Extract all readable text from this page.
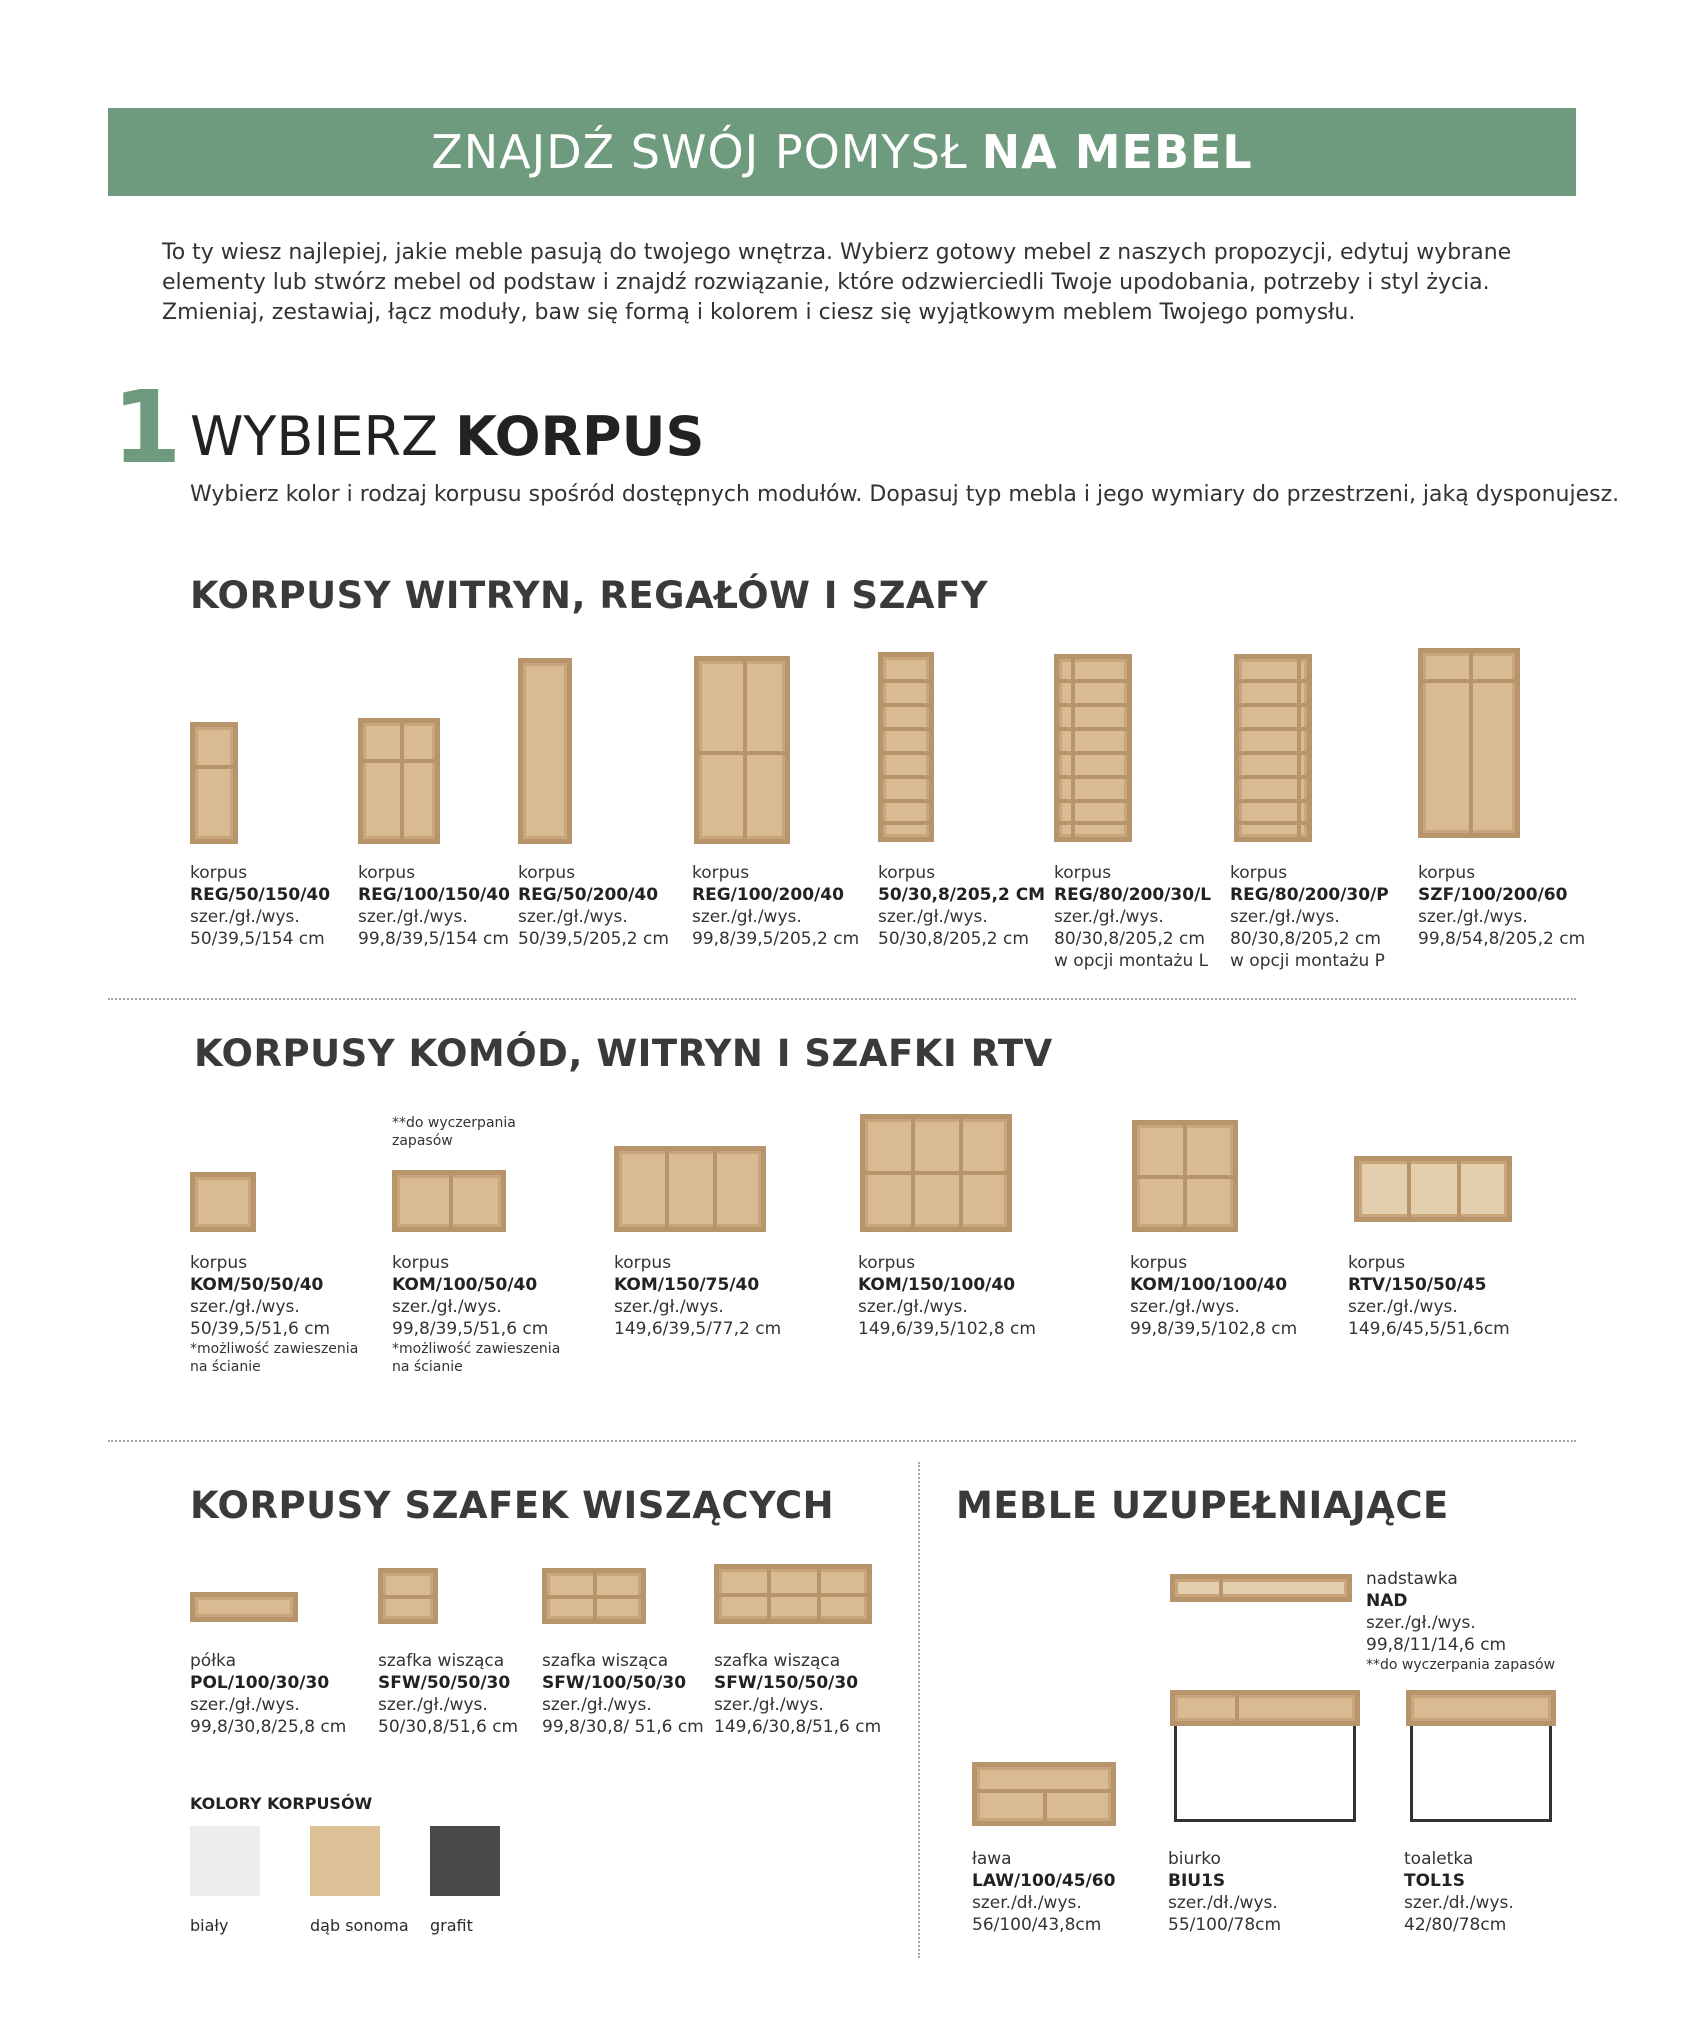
ZNAJDŹ SWÓJ POMYSŁ NA MEBEL
To ty wiesz najlepiej, jakie meble pasują do twojego wnętrza. Wybierz gotowy mebel z naszych propozycji, edytuj wybrane elementy lub stwórz mebel od podstaw i znajdź rozwiązanie, które odzwierciedli Twoje upodobania, potrzeby i styl życia. Zmieniaj, zestawiaj, łącz moduły, baw się formą i kolorem i ciesz się wyjątkowym meblem Twojego pomysłu.
1 WYBIERZ KORPUS
Wybierz kolor i rodzaj korpusu spośród dostępnych modułów. Dopasuj typ mebla i jego wymiary do przestrzeni, jaką dysponujesz.
KORPUSY WITRYN, REGAŁÓW I SZAFY
korpus
REG/50/150/40
szer./gł./wys.
50/39,5/154 cm
korpus
REG/100/150/40
szer./gł./wys.
99,8/39,5/154 cm
korpus
REG/50/200/40
szer./gł./wys.
50/39,5/205,2 cm
korpus
REG/100/200/40
szer./gł./wys.
99,8/39,5/205,2 cm
korpus
50/30,8/205,2 CM
szer./gł./wys.
50/30,8/205,2 cm
korpus
REG/80/200/30/L
szer./gł./wys.
80/30,8/205,2 cm
w opcji montażu L
korpus
REG/80/200/30/P
szer./gł./wys.
80/30,8/205,2 cm
w opcji montażu P
korpus
SZF/100/200/60
szer./gł./wys.
99,8/54,8/205,2 cm
KORPUSY KOMÓD, WITRYN I SZAFKI RTV
**do wyczerpania zapasów
korpus
KOM/50/50/40
szer./gł./wys.
50/39,5/51,6 cm
*możliwość zawieszenia na ścianie
korpus
KOM/100/50/40
szer./gł./wys.
99,8/39,5/51,6 cm
*możliwość zawieszenia na ścianie
korpus
KOM/150/75/40
szer./gł./wys.
149,6/39,5/77,2 cm
korpus
KOM/150/100/40
szer./gł./wys.
149,6/39,5/102,8 cm
korpus
KOM/100/100/40
szer./gł./wys.
99,8/39,5/102,8 cm
korpus
RTV/150/50/45
szer./gł./wys.
149,6/45,5/51,6cm
KORPUSY SZAFEK WISZĄCYCH
półka
POL/100/30/30
szer./gł./wys.
99,8/30,8/25,8 cm
szafka wisząca
SFW/50/50/30
szer./gł./wys.
50/30,8/51,6 cm
szafka wisząca
SFW/100/50/30
szer./gł./wys.
99,8/30,8/ 51,6 cm
szafka wisząca
SFW/150/50/30
szer./gł./wys.
149,6/30,8/51,6 cm
KOLORY KORPUSÓW
biały	dąb sonoma grafit
MEBLE UZUPEŁNIAJĄCE
nadstawka
NAD
szer./gł./wys.
99,8/11/14,6 cm
**do wyczerpania zapasów
ława
LAW/100/45/60
szer./dł./wys.
56/100/43,8cm
biurko
BIU1S
szer./dł./wys.
55/100/78cm
toaletka
TOL1S
szer./dł./wys.
42/80/78cm
